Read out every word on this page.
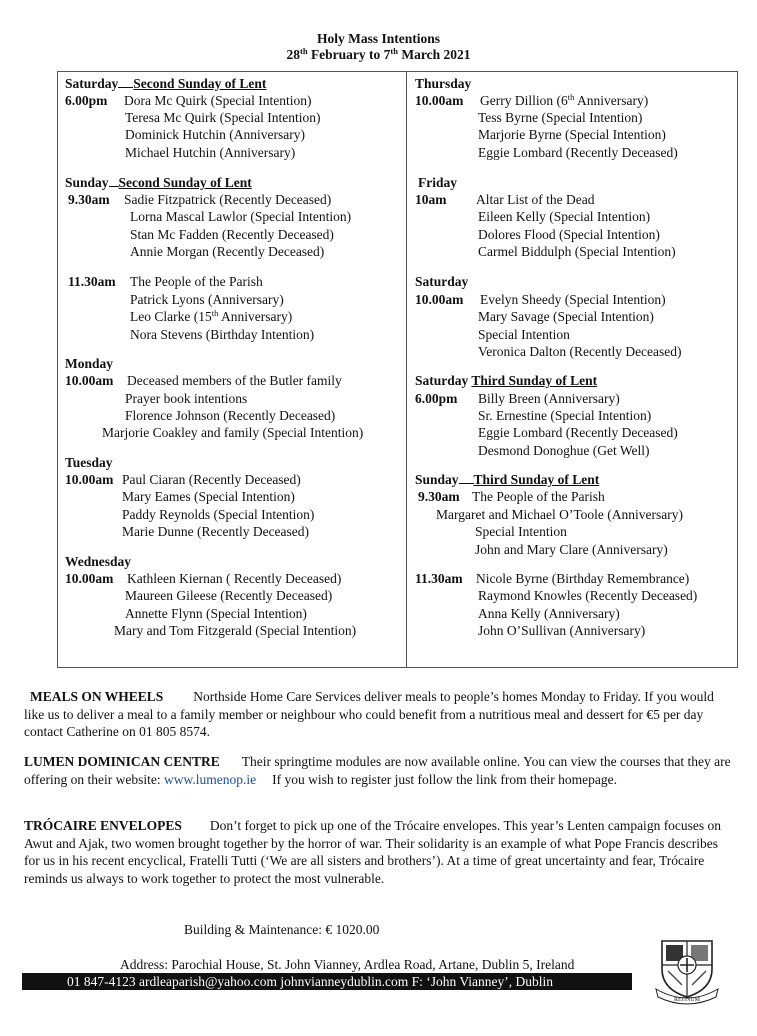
Holy Mass Intentions
28th February to 7th March 2021
Saturday Second Sunday of Lent
6.00pm Dora Mc Quirk (Special Intention)
Teresa Mc Quirk (Special Intention)
Dominick Hutchin (Anniversary)
Michael Hutchin (Anniversary)
Sunday Second Sunday of Lent
9.30am Sadie Fitzpatrick (Recently Deceased)
Lorna Mascal Lawlor (Special Intention)
Stan Mc Fadden (Recently Deceased)
Annie Morgan (Recently Deceased)
11.30am The People of the Parish
Patrick Lyons (Anniversary)
Leo Clarke (15th Anniversary)
Nora Stevens (Birthday Intention)
Monday
10.00am Deceased members of the Butler family
Prayer book intentions
Florence Johnson (Recently Deceased)
Marjorie Coakley and family (Special Intention)
Tuesday
10.00am Paul Ciaran (Recently Deceased)
Mary Eames (Special Intention)
Paddy Reynolds (Special Intention)
Marie Dunne (Recently Deceased)
Wednesday
10.00am Kathleen Kiernan ( Recently Deceased)
Maureen Gileese (Recently Deceased)
Annette Flynn (Special Intention)
Mary and Tom Fitzgerald (Special Intention)
Thursday
10.00am Gerry Dillion (6th Anniversary)
Tess Byrne (Special Intention)
Marjorie Byrne (Special Intention)
Eggie Lombard (Recently Deceased)
Friday
10am Altar List of the Dead
Eileen Kelly (Special Intention)
Dolores Flood (Special Intention)
Carmel Biddulph (Special Intention)
Saturday
10.00am Evelyn Sheedy (Special Intention)
Mary Savage (Special Intention)
Special Intention
Veronica Dalton (Recently Deceased)
Saturday Third Sunday of Lent
6.00pm Billy Breen (Anniversary)
Sr. Ernestine (Special Intention)
Eggie Lombard (Recently Deceased)
Desmond Donoghue (Get Well)
Sunday Third Sunday of Lent
9.30am The People of the Parish
Margaret and Michael O’Toole (Anniversary)
Special Intention
John and Mary Clare (Anniversary)
11.30am Nicole Byrne (Birthday Remembrance)
Raymond Knowles (Recently Deceased)
Anna Kelly (Anniversary)
John O’Sullivan (Anniversary)
MEALS ON WHEELS Northside Home Care Services deliver meals to people’s homes Monday to Friday. If you would like us to deliver a meal to a family member or neighbour who could benefit from a nutritious meal and dessert for €5 per day contact Catherine on 01 805 8574.
LUMEN DOMINICAN CENTRE Their springtime modules are now available online. You can view the courses that they are offering on their website: www.lumenop.ie If you wish to register just follow the link from their homepage.
TRÓCAIRE ENVELOPES Don’t forget to pick up one of the Trócaire envelopes. This year’s Lenten campaign focuses on Awut and Ajak, two women brought together by the horror of war. Their solidarity is an example of what Pope Francis describes for us in his recent encyclical, Fratelli Tutti (‘We are all sisters and brothers’). At a time of great uncertainty and fear, Trócaire reminds us always to work together to protect the most vulnerable.
Building & Maintenance: € 1020.00
Address: Parochial House, St. John Vianney, Ardlea Road, Artane, Dublin 5, Ireland
01 847-4123 ardleaparish@yahoo.com johnvianneydublin.com F: ‘John Vianney’, Dublin
REGNUM
